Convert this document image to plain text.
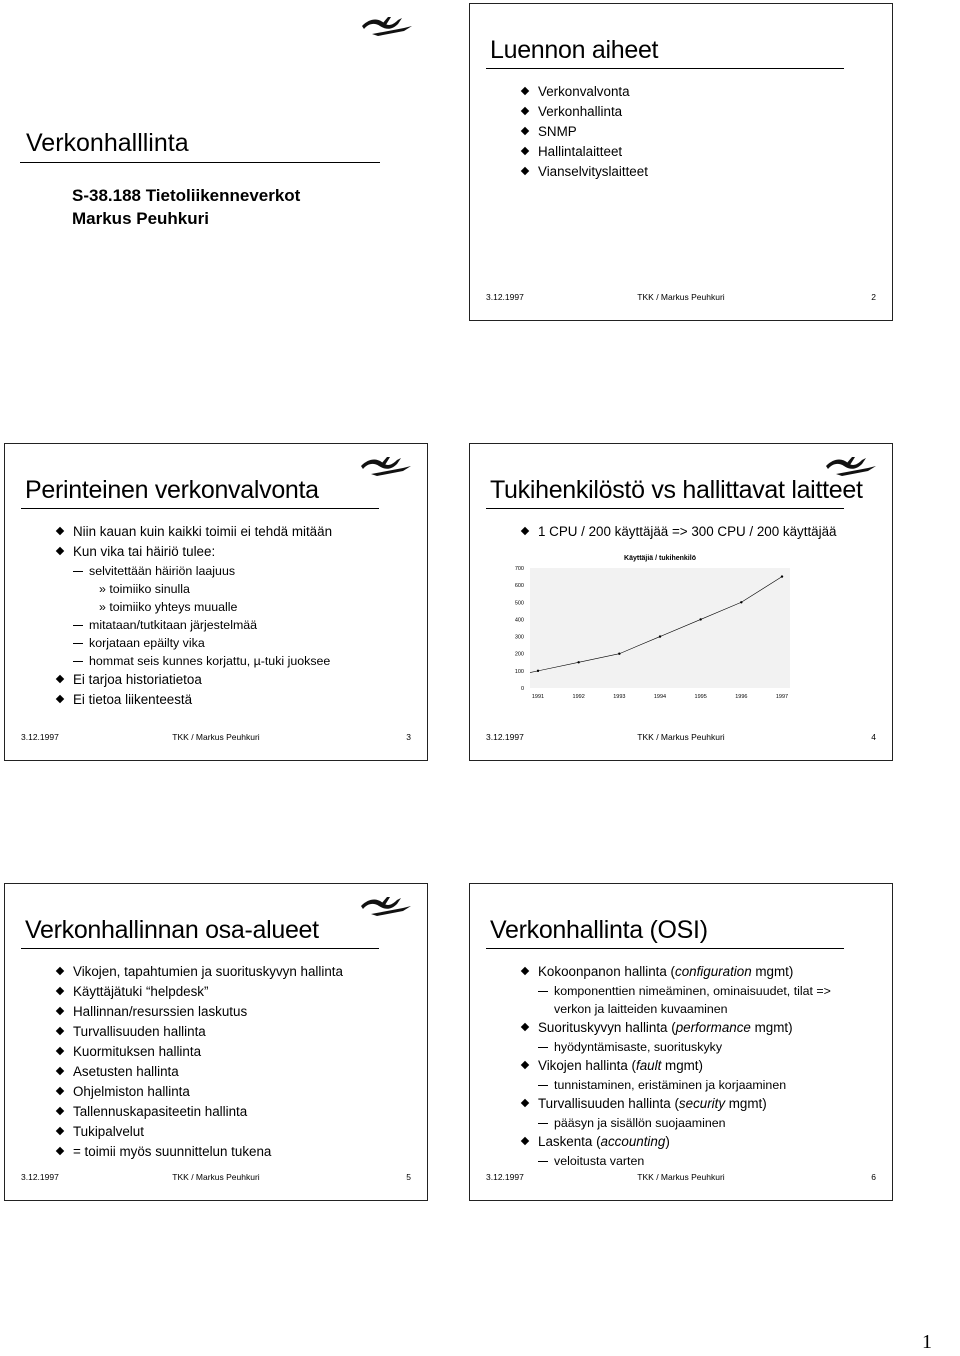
Verkonhalllinta
S-38.188 Tietoliikenneverkot
Markus Peuhkuri
Luennon aiheet
Verkonvalvonta
Verkonhallinta
SNMP
Hallintalaitteet
Vianselvityslaitteet
3.12.1997	TKK / Markus Peuhkuri	2
Perinteinen verkonvalvonta
Niin kauan kuin kaikki toimii ei tehdä mitään
Kun vika tai häiriö tulee:
selvitettään häiriön laajuus
» toimiiko sinulla
» toimiiko yhteys muualle
mitataan/tutkitaan järjestelmää
korjataan epäilty vika
hommat seis kunnes korjattu, µ-tuki juoksee
Ei tarjoa historiatietoa
Ei tietoa liikenteestä
3.12.1997	TKK / Markus Peuhkuri	3
Tukihenkilöstö vs hallittavat laitteet
1 CPU / 200 käyttäjää => 300 CPU / 200 käyttäjää
Käyttäjiä / tukihenkilö
0
100
200
300
400
500
600
700
1991	1992	1993	1994	1995	1996	1997
3.12.1997	TKK / Markus Peuhkuri	4
Verkonhallinnan osa-alueet
Vikojen, tapahtumien ja suorituskyvyn hallinta
Käyttäjätuki “helpdesk”
Hallinnan/resurssien laskutus
Turvallisuuden hallinta
Kuormituksen hallinta
Asetusten hallinta
Ohjelmiston hallinta
Tallennuskapasiteetin hallinta
Tukipalvelut
= toimii myös suunnittelun tukena
3.12.1997	TKK / Markus Peuhkuri	5
Verkonhallinta (OSI)
Kokoonpanon hallinta (configuration mgmt)
komponenttien nimeäminen, ominaisuudet, tilat => verkon ja laitteiden kuvaaminen
Suorituskyvyn hallinta (performance mgmt)
hyödyntämisaste, suorituskyky
Vikojen hallinta (fault mgmt)
tunnistaminen, eristäminen ja korjaaminen
Turvallisuuden hallinta (security mgmt)
pääsyn ja sisällön suojaaminen
Laskenta (accounting)
veloitusta varten
3.12.1997	TKK / Markus Peuhkuri	6
1
